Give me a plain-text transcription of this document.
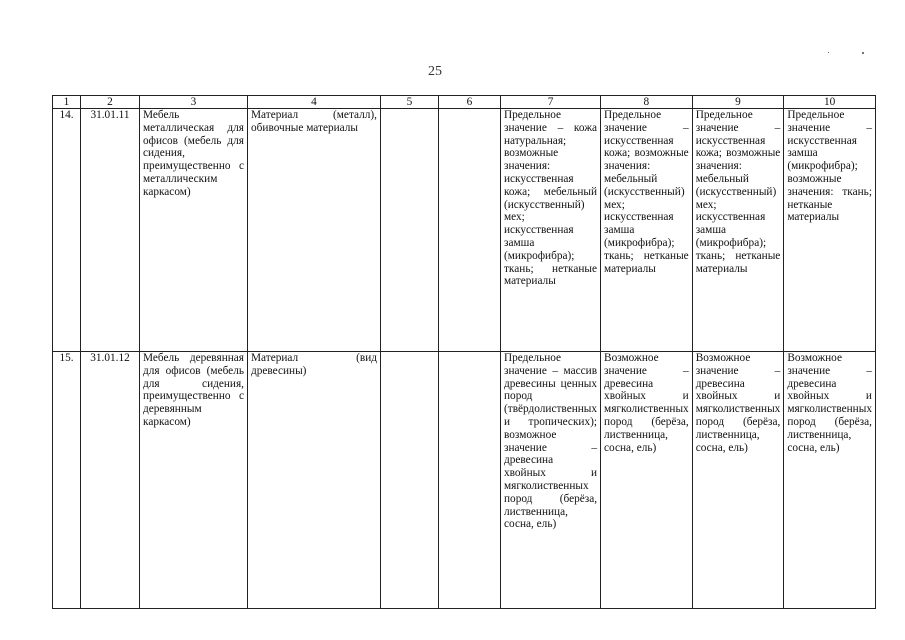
25
1	2	3	4	5	6	7	8	9	10
14.	31.01.11	Мебель металлическая для офисов (мебель для сидения, преимущественно с металлическим каркасом)	Материал (металл), обивочные материалы			Предельное значение – кожа натуральная; возможные значения: искусственная кожа; мебельный (искусственный) мех; искусственная замша (микрофибра); ткань; нетканые материалы	Предельное значение – искусственная кожа; возможные значения: мебельный (искусственный) мех; искусственная замша (микрофибра); ткань; нетканые материалы	Предельное значение – искусственная кожа; возможные значения: мебельный (искусственный) мех; искусственная замша (микрофибра); ткань; нетканые материалы	Предельное значение – искусственная замша (микрофибра); возможные значения: ткань; нетканые материалы

15.	31.01.12	Мебель деревянная для офисов (мебель для сидения, преимущественно с деревянным каркасом)	Материал (вид древесины)			Предельное значение – массив древесины ценных пород (твёрдолиственных и тропических); возможное значение – древесина хвойных и мягколиственных пород (берёза, лиственница, сосна, ель)	Возможное значение – древесина хвойных и мягколиственных пород (берёза, лиственница, сосна, ель)	Возможное значение – древесина хвойных и мягколиственных пород (берёза, лиственница, сосна, ель)	Возможное значение – древесина хвойных и мягколиственных пород (берёза, лиственница, сосна, ель)
